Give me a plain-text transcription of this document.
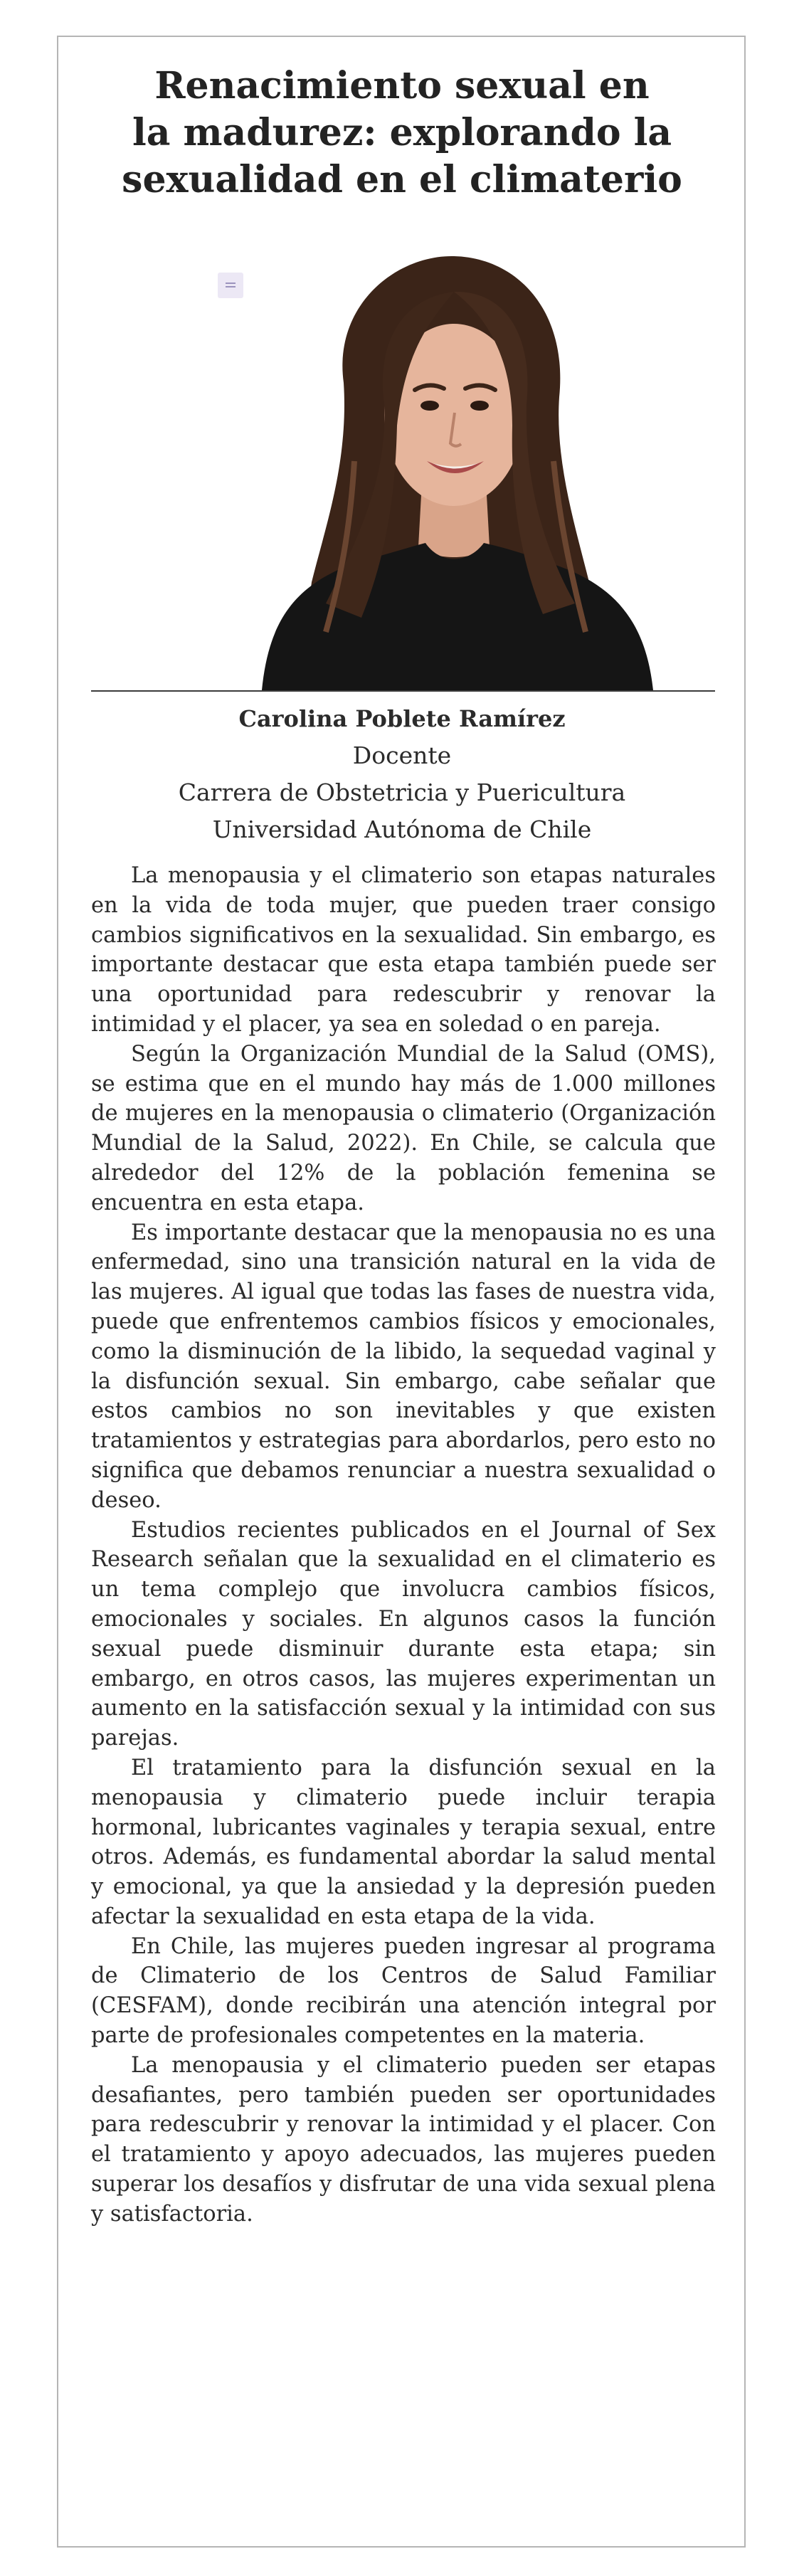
Renacimiento sexual en
la madurez: explorando la
sexualidad en el climaterio
Carolina Poblete Ramírez
Docente
Carrera de Obstetricia y Puericultura
Universidad Autónoma de Chile

La menopausia y el climaterio son etapas naturales en la vida de toda mujer, que pueden traer consigo cambios significativos en la sexualidad. Sin embargo, es importante destacar que esta etapa también puede ser una oportunidad para redescubrir y renovar la intimidad y el placer, ya sea en soledad o en pareja.

Según la Organización Mundial de la Salud (OMS), se estima que en el mundo hay más de 1.000 millones de mujeres en la menopausia o climaterio (Organización Mundial de la Salud, 2022). En Chile, se calcula que alrededor del 12% de la población femenina se encuentra en esta etapa.

Es importante destacar que la menopausia no es una enfermedad, sino una transición natural en la vida de las mujeres. Al igual que todas las fases de nuestra vida, puede que enfrentemos cambios físicos y emocionales, como la disminución de la libido, la sequedad vaginal y la disfunción sexual. Sin embargo, cabe señalar que estos cambios no son inevitables y que existen tratamientos y estrategias para abordarlos, pero esto no significa que debamos renunciar a nuestra sexualidad o deseo.

Estudios recientes publicados en el Journal of Sex Research señalan que la sexualidad en el climaterio es un tema complejo que involucra cambios físicos, emocionales y sociales. En algunos casos la función sexual puede disminuir durante esta etapa; sin embargo, en otros casos, las mujeres experimentan un aumento en la satisfacción sexual y la intimidad con sus parejas.

El tratamiento para la disfunción sexual en la menopausia y climaterio puede incluir terapia hormonal, lubricantes vaginales y terapia sexual, entre otros. Además, es fundamental abordar la salud mental y emocional, ya que la ansiedad y la depresión pueden afectar la sexualidad en esta etapa de la vida.

En Chile, las mujeres pueden ingresar al programa de Climaterio de los Centros de Salud Familiar (CESFAM), donde recibirán una atención integral por parte de profesionales competentes en la materia.

La menopausia y el climaterio pueden ser etapas desafiantes, pero también pueden ser oportunidades para redescubrir y renovar la intimidad y el placer. Con el tratamiento y apoyo adecuados, las mujeres pueden superar los desafíos y disfrutar de una vida sexual plena y satisfactoria.
